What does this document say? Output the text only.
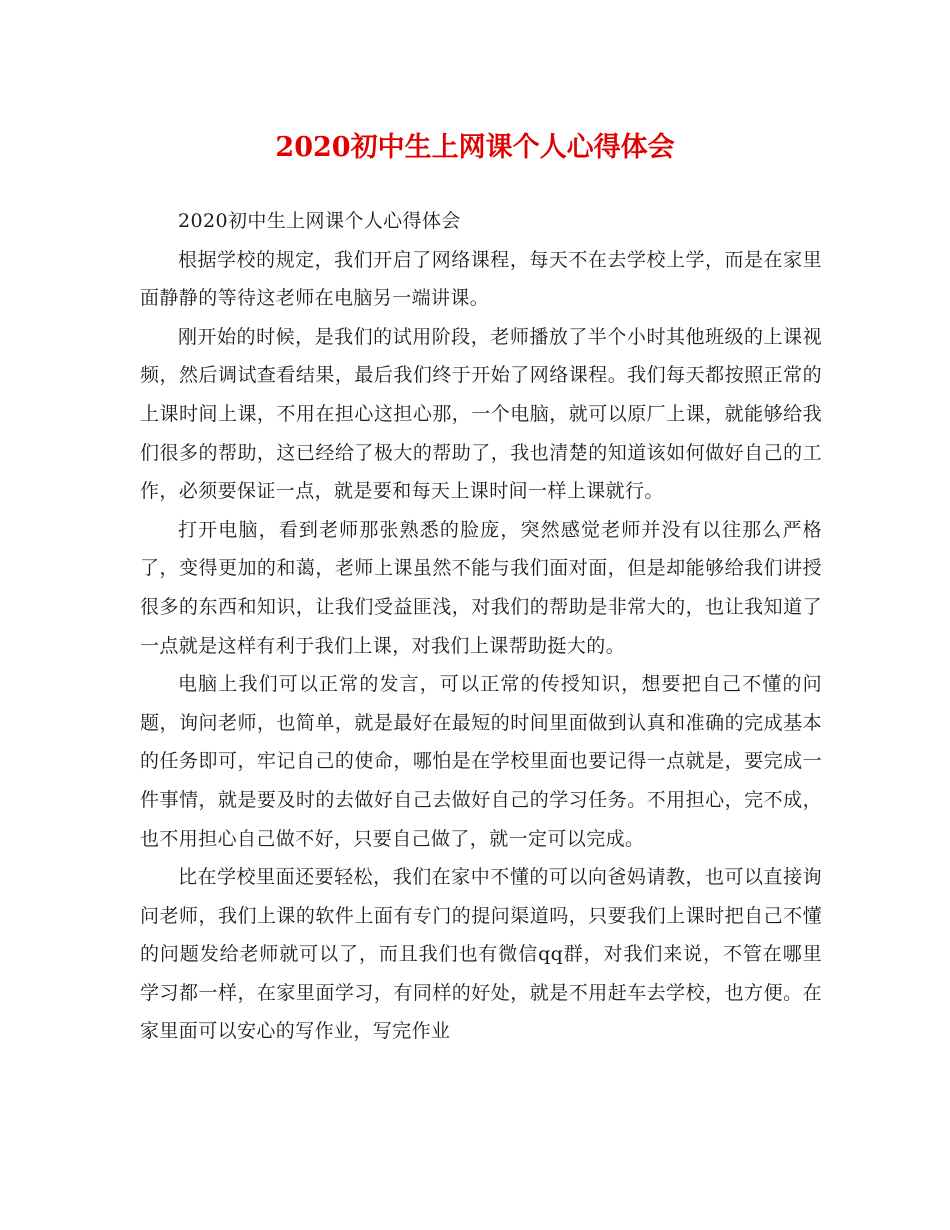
2020初中生上网课个人心得体会

2020初中生上网课个人心得体会

根据学校的规定，我们开启了网络课程，每天不在去学校上学，而是在家里面静静的等待这老师在电脑另一端讲课。

刚开始的时候，是我们的试用阶段，老师播放了半个小时其他班级的上课视频，然后调试查看结果，最后我们终于开始了网络课程。我们每天都按照正常的上课时间上课，不用在担心这担心那，一个电脑，就可以原厂上课，就能够给我们很多的帮助，这已经给了极大的帮助了，我也清楚的知道该如何做好自己的工作，必须要保证一点，就是要和每天上课时间一样上课就行。

打开电脑，看到老师那张熟悉的脸庞，突然感觉老师并没有以往那么严格了，变得更加的和蔼，老师上课虽然不能与我们面对面，但是却能够给我们讲授很多的东西和知识，让我们受益匪浅，对我们的帮助是非常大的，也让我知道了一点就是这样有利于我们上课，对我们上课帮助挺大的。

电脑上我们可以正常的发言，可以正常的传授知识，想要把自己不懂的问题，询问老师，也简单，就是最好在最短的时间里面做到认真和准确的完成基本的任务即可，牢记自己的使命，哪怕是在学校里面也要记得一点就是，要完成一件事情，就是要及时的去做好自己去做好自己的学习任务。不用担心，完不成，也不用担心自己做不好，只要自己做了，就一定可以完成。

比在学校里面还要轻松，我们在家中不懂的可以向爸妈请教，也可以直接询问老师，我们上课的软件上面有专门的提问渠道吗，只要我们上课时把自己不懂的问题发给老师就可以了，而且我们也有微信qq群，对我们来说，不管在哪里学习都一样，在家里面学习，有同样的好处，就是不用赶车去学校，也方便。在家里面可以安心的写作业，写完作业
